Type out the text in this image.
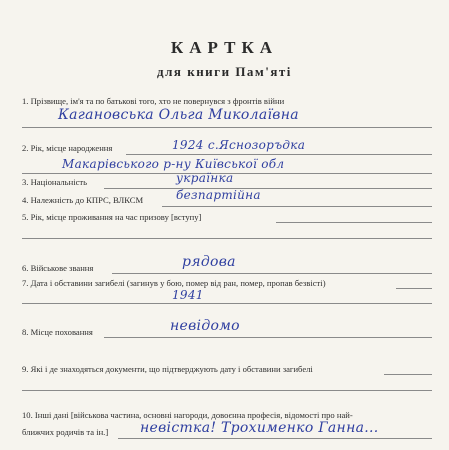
КАРТКА
для книги Пам'яті
1. Прізвище, ім'я та по батькові того, хто не повернувся з фронтів війни
Кагановська Ольга Миколаївна
2. Рік, місце народження	1924 с.Яснозоръдка
Макарівського р-ну Київської обл
3. Національність	українка
4. Належність до КПРС, ВЛКСМ	безпартійна
5. Рік, місце проживання на час призову [вступу]
6. Військове звання	рядова
7. Дата і обставини загибелі (загинув у бою, помер від ран, помер, пропав безвісті)
1941
8. Місце поховання	невідомо
9. Які і де знаходяться документи, що підтверджують дату і обставини загибелі
10. Інші дані [військова частина, основні нагороди, довоєнна професія, відомості про най-
ближчих родичів та ін.] невістка! Трохименко Ганна...
